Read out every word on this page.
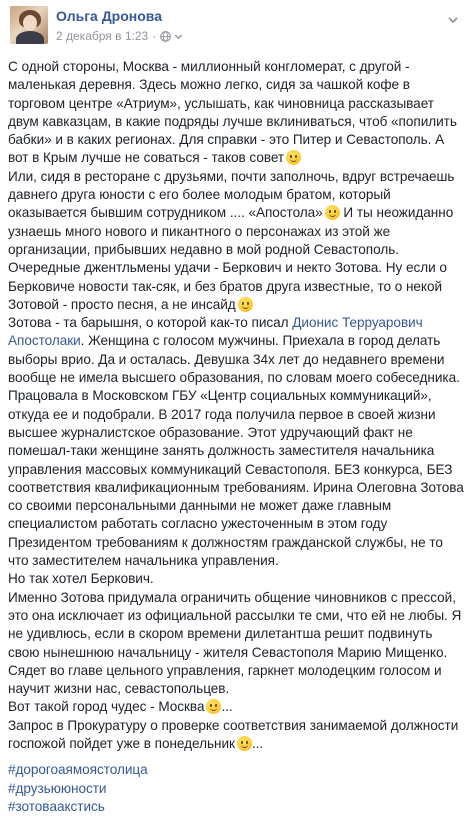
Ольга Дронова
2 декабря в 1:23 ·

С одной стороны, Москва - миллионный конгломерат, с другой - маленькая деревня. Здесь можно легко, сидя за чашкой кофе в торговом центре «Атриум», услышать, как чиновница рассказывает двум кавказцам, в какие подряды лучше вклиниваться, чтоб «попилить бабки» и в каких регионах. Для справки - это Питер и Севастополь. А вот в Крым лучше не соваться - таков совет

Или, сидя в ресторане с друзьями, почти заполночь, вдруг встречаешь давнего друга юности с его более молодым братом, который оказывается бывшим сотрудником .... «Апостола»
И ты неожиданно узнаешь много нового и пикантного о персонажах из этой же организации, прибывших недавно в мой родной Севастополь.

Очередные джентльмены удачи - Беркович и некто Зотова. Ну если о Берковиче новости так-сяк, и без братов друга известные, то о некой Зотовой - просто песня, а не инсайд

Зотова - та барышня, о которой как-то писал Дионис Терруарович Апостолаки. Женщина с голосом мужчины. Приехала в город делать выборы врио. Да и осталась. Девушка 34х лет до недавнего времени вообще не имела высшего образования, по словам моего собеседника.

Працовала в Московском ГБУ «Центр социальных коммуникаций», откуда ее и подобрали. В 2017 года получила первое в своей жизни высшее журналистское образование. Этот удручающий факт не помешал-таки женщине занять должность заместителя начальника управления массовых коммуникаций Севастополя. БЕЗ конкурса, БЕЗ соответствия квалификационным требованиям. Ирина Олеговна Зотова со своими персональными данными не может даже главным специалистом работать согласно ужесточенным в этом году Президентом требованиям к должностям гражданской службы, не то что заместителем начальника управления.

Но так хотел Беркович.

Именно Зотова придумала ограничить общение чиновников с прессой, это она исключает из официальной рассылки те сми, что ей не любы. Я не удивлюсь, если в скором времени дилетантша решит подвинуть свою нынешнюю начальницу - жителя Севастополя Марию Мищенко. Сядет во главе цельного управления, гаркнет молодецким голосом и научит жизни нас, севастопольцев.

Вот такой город чудес - Москва ...

Запрос в Прокуратуру о проверке соответствия занимаемой должности госпожой пойдет уже в понедельник ...

#дорогоаямоястолица
#друзьююности
#зотовaакстись
